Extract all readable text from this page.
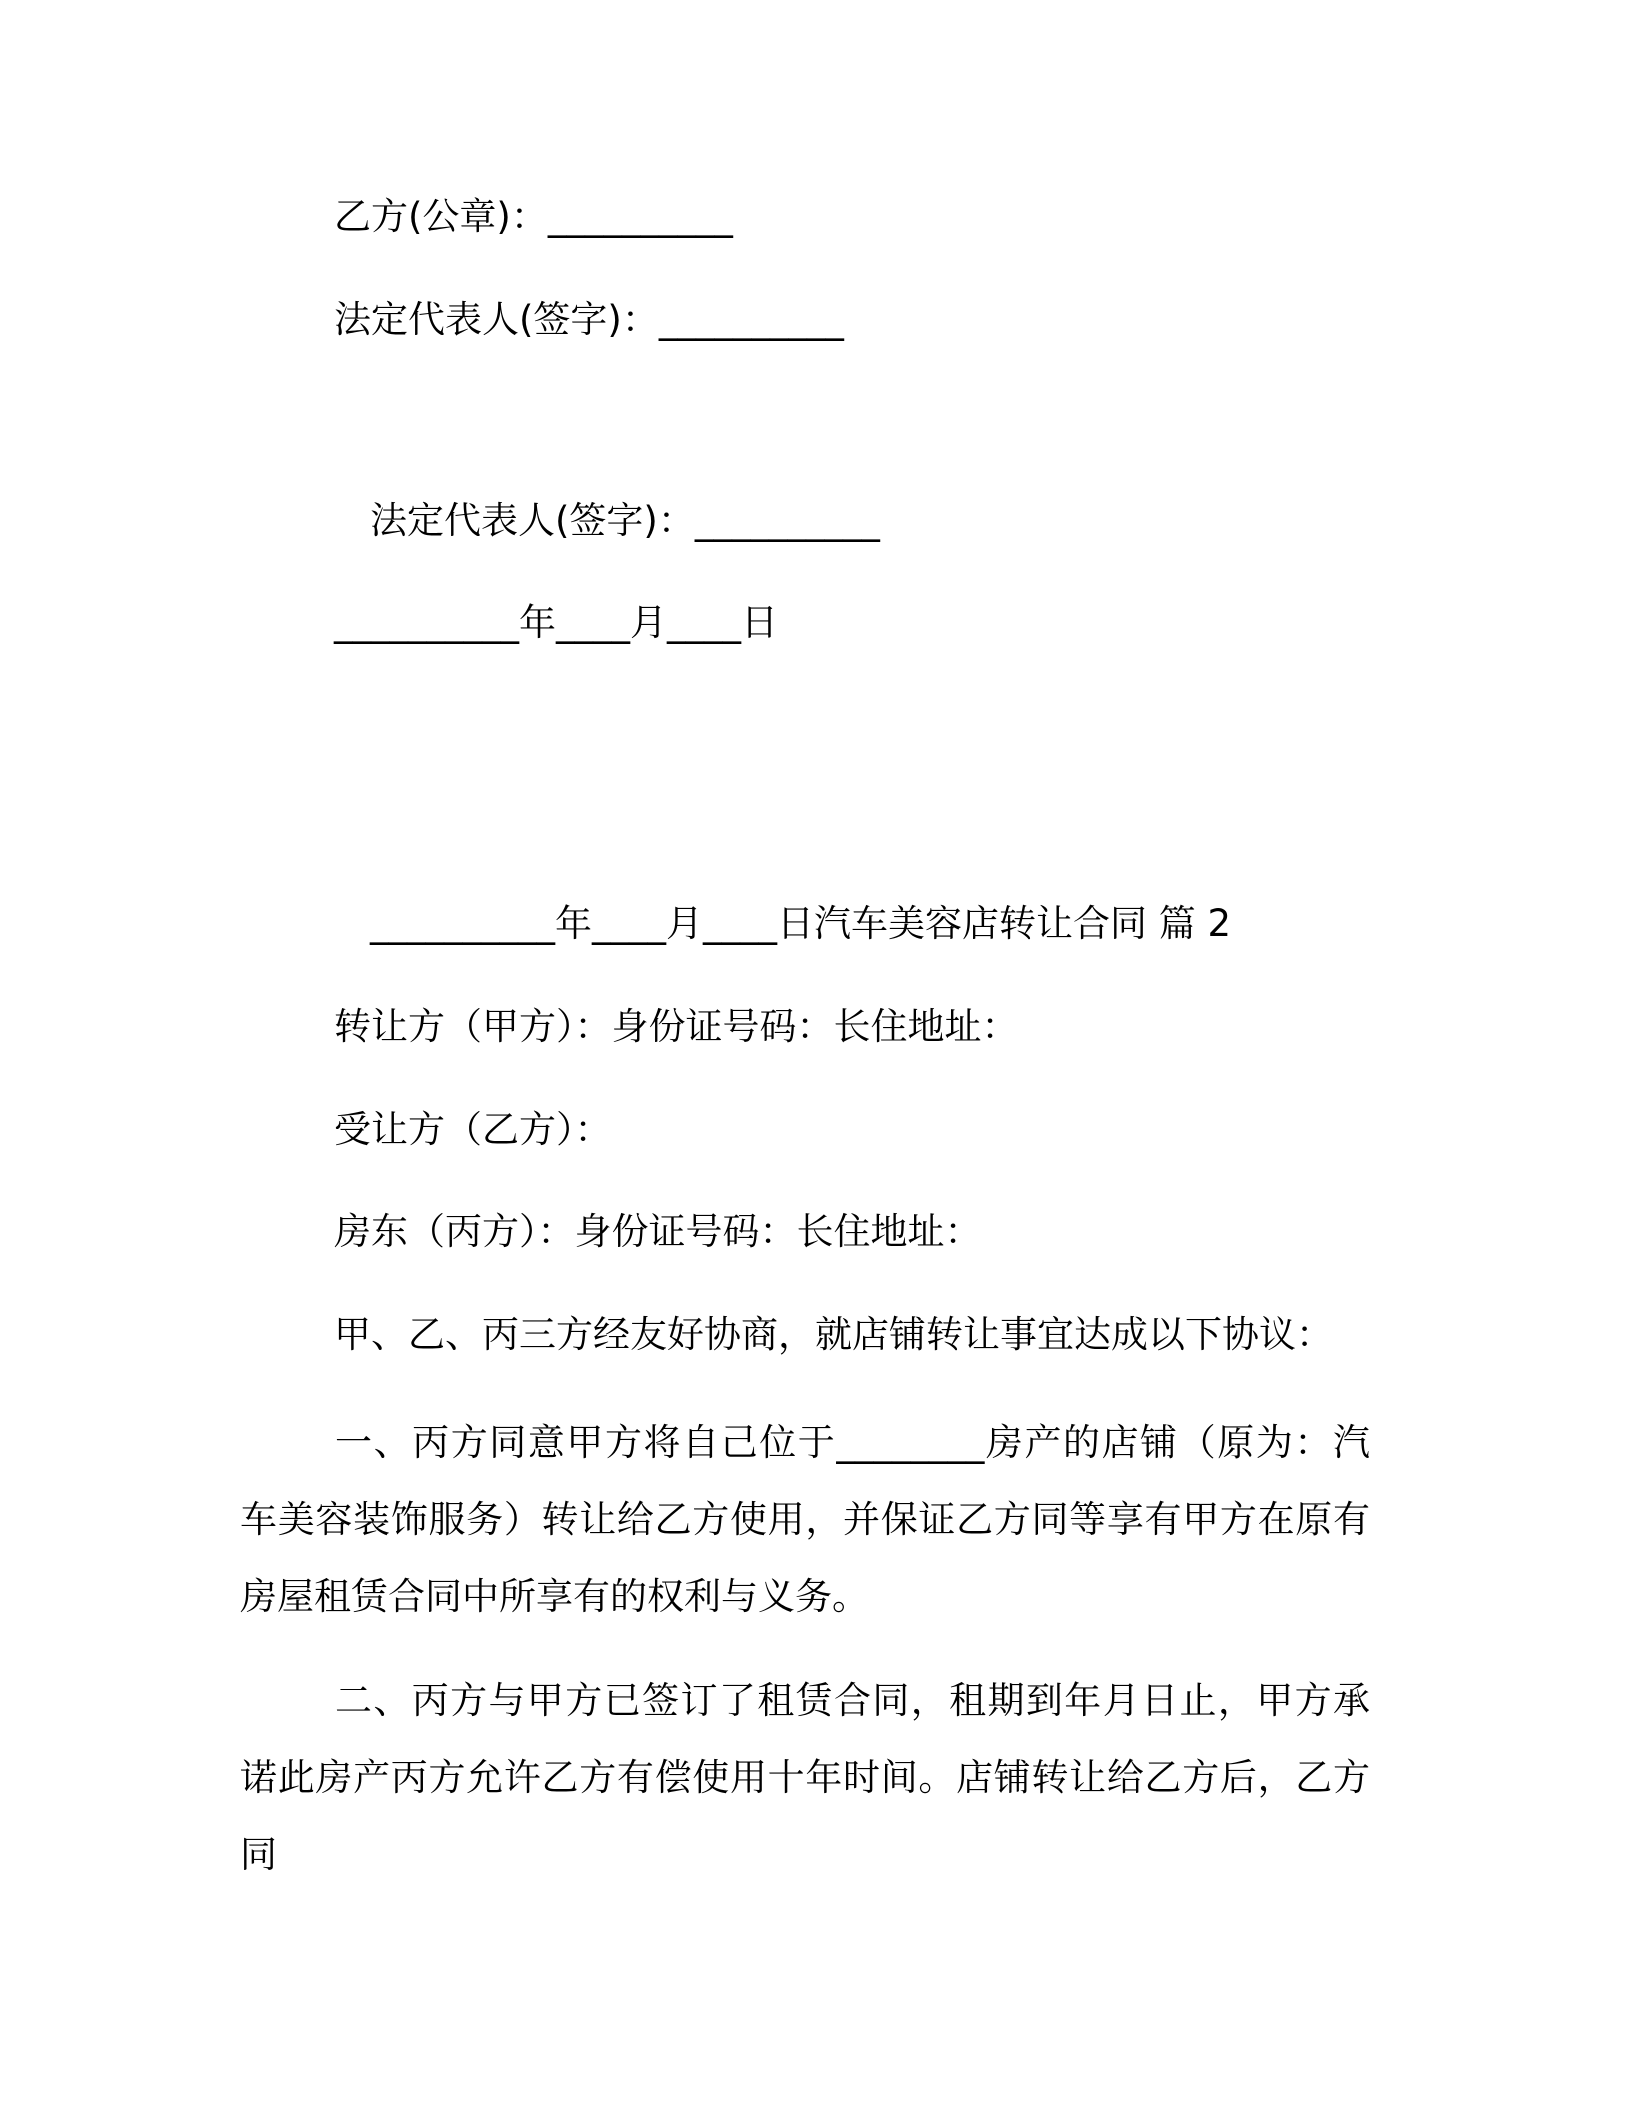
乙方(公章)：__________
法定代表人(签字)：__________
法定代表人(签字)：__________
__________年____月____日
__________年____月____日汽车美容店转让合同 篇 2
转让方（甲方）：身份证号码：长住地址：
受让方（乙方）：
房东（丙方）：身份证号码：长住地址：
甲、乙、丙三方经友好协商，就店铺转让事宜达成以下协议：
一、丙方同意甲方将自己位于________房产的店铺（原为：汽车美容装饰服务）转让给乙方使用，并保证乙方同等享有甲方在原有房屋租赁合同中所享有的权利与义务。
二、丙方与甲方已签订了租赁合同，租期到年月日止，甲方承诺此房产丙方允许乙方有偿使用十年时间。店铺转让给乙方后，乙方同
